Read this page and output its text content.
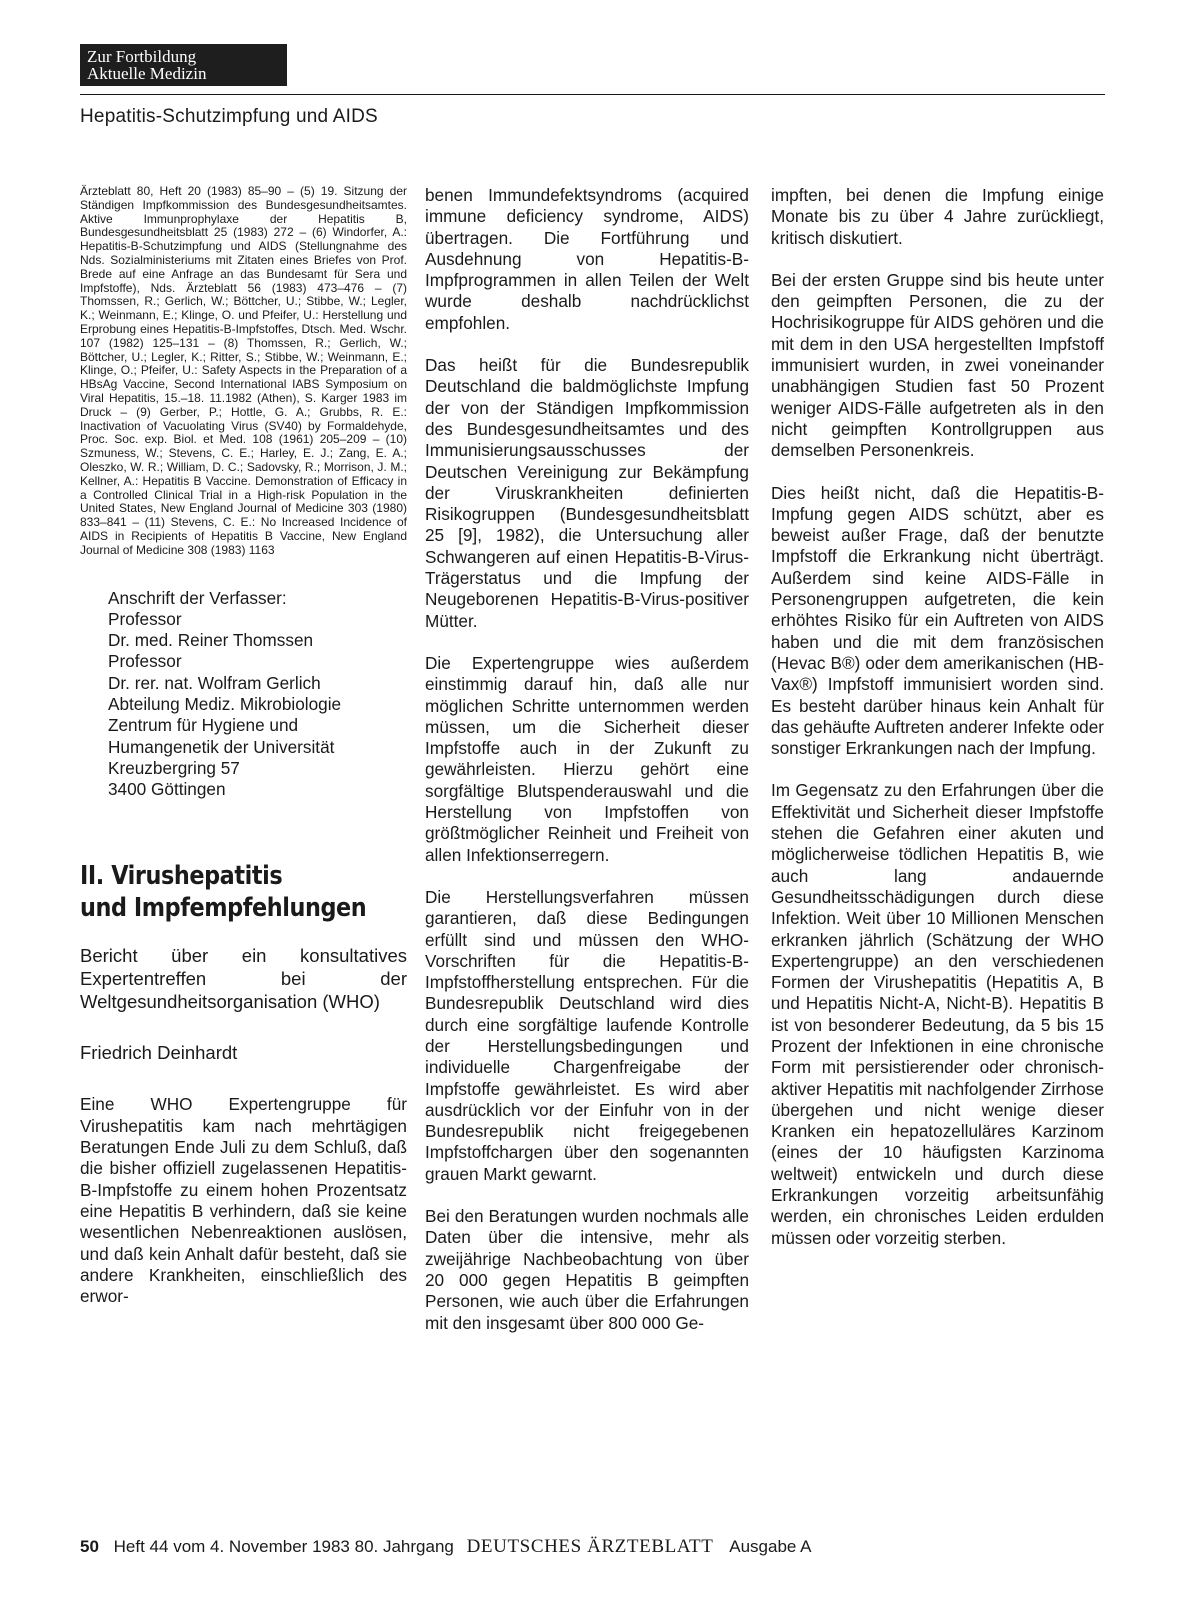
Zur Fortbildung
Aktuelle Medizin
Hepatitis-Schutzimpfung und AIDS

Ärzteblatt 80, Heft 20 (1983) 85–90 – (5) 19. Sitzung der Ständigen Impfkommission des Bundesgesundheitsamtes. Aktive Immunprophylaxe der Hepatitis B, Bundesgesundheitsblatt 25 (1983) 272 – (6) Windorfer, A.: Hepatitis-B-Schutzimpfung und AIDS (Stellungnahme des Nds. Sozialministeriums mit Zitaten eines Briefes von Prof. Brede auf eine Anfrage an das Bundesamt für Sera und Impfstoffe), Nds. Ärzteblatt 56 (1983) 473–476 – (7) Thomssen, R.; Gerlich, W.; Böttcher, U.; Stibbe, W.; Legler, K.; Weinmann, E.; Klinge, O. und Pfeifer, U.: Herstellung und Erprobung eines Hepatitis-B-Impfstoffes, Dtsch. Med. Wschr. 107 (1982) 125–131 – (8) Thomssen, R.; Gerlich, W.; Böttcher, U.; Legler, K.; Ritter, S.; Stibbe, W.; Weinmann, E.; Klinge, O.; Pfeifer, U.: Safety Aspects in the Preparation of a HBsAg Vaccine, Second International IABS Symposium on Viral Hepatitis, 15.–18. 11.1982 (Athen), S. Karger 1983 im Druck – (9) Gerber, P.; Hottle, G. A.; Grubbs, R. E.: Inactivation of Vacuolating Virus (SV40) by Formaldehyde, Proc. Soc. exp. Biol. et Med. 108 (1961) 205–209 – (10) Szmuness, W.; Stevens, C. E.; Harley, E. J.; Zang, E. A.; Oleszko, W. R.; William, D. C.; Sadovsky, R.; Morrison, J. M.; Kellner, A.: Hepatitis B Vaccine. Demonstration of Efficacy in a Controlled Clinical Trial in a High-risk Population in the United States, New England Journal of Medicine 303 (1980) 833–841 – (11) Stevens, C. E.: No Increased Incidence of AIDS in Recipients of Hepatitis B Vaccine, New England Journal of Medicine 308 (1983) 1163

Anschrift der Verfasser:
Professor
Dr. med. Reiner Thomssen
Professor
Dr. rer. nat. Wolfram Gerlich
Abteilung Mediz. Mikrobiologie
Zentrum für Hygiene und
Humangenetik der Universität
Kreuzbergring 57
3400 Göttingen
II. Virushepatitis
und Impfempfehlungen

Bericht über ein konsultatives Expertentreffen bei der Weltgesundheitsorganisation (WHO)

Friedrich Deinhardt

Eine WHO Expertengruppe für Virushepatitis kam nach mehrtägigen Beratungen Ende Juli zu dem Schluß, daß die bisher offiziell zugelassenen Hepatitis-B-Impfstoffe zu einem hohen Prozentsatz eine Hepatitis B verhindern, daß sie keine wesentlichen Nebenreaktionen auslösen, und daß kein Anhalt dafür besteht, daß sie andere Krankheiten, einschließlich des erwor-

benen Immundefektsyndroms (acquired immune deficiency syndrome, AIDS) übertragen. Die Fortführung und Ausdehnung von Hepatitis-B-Impfprogrammen in allen Teilen der Welt wurde deshalb nachdrücklichst empfohlen.

Das heißt für die Bundesrepublik Deutschland die baldmöglichste Impfung der von der Ständigen Impfkommission des Bundesgesundheitsamtes und des Immunisierungsausschusses der Deutschen Vereinigung zur Bekämpfung der Viruskrankheiten definierten Risikogruppen (Bundesgesundheitsblatt 25 [9], 1982), die Untersuchung aller Schwangeren auf einen Hepatitis-B-Virus-Trägerstatus und die Impfung der Neugeborenen Hepatitis-B-Virus-positiver Mütter.

Die Expertengruppe wies außerdem einstimmig darauf hin, daß alle nur möglichen Schritte unternommen werden müssen, um die Sicherheit dieser Impfstoffe auch in der Zukunft zu gewährleisten. Hierzu gehört eine sorgfältige Blutspenderauswahl und die Herstellung von Impfstoffen von größtmöglicher Reinheit und Freiheit von allen Infektionserregern.

Die Herstellungsverfahren müssen garantieren, daß diese Bedingungen erfüllt sind und müssen den WHO-Vorschriften für die Hepatitis-B-Impfstoffherstellung entsprechen. Für die Bundesrepublik Deutschland wird dies durch eine sorgfältige laufende Kontrolle der Herstellungsbedingungen und individuelle Chargenfreigabe der Impfstoffe gewährleistet. Es wird aber ausdrücklich vor der Einfuhr von in der Bundesrepublik nicht freigegebenen Impfstoffchargen über den sogenannten grauen Markt gewarnt.

Bei den Beratungen wurden nochmals alle Daten über die intensive, mehr als zweijährige Nachbeobachtung von über 20 000 gegen Hepatitis B geimpften Personen, wie auch über die Erfahrungen mit den insgesamt über 800 000 Ge-

impften, bei denen die Impfung einige Monate bis zu über 4 Jahre zurückliegt, kritisch diskutiert.

Bei der ersten Gruppe sind bis heute unter den geimpften Personen, die zu der Hochrisikogruppe für AIDS gehören und die mit dem in den USA hergestellten Impfstoff immunisiert wurden, in zwei voneinander unabhängigen Studien fast 50 Prozent weniger AIDS-Fälle aufgetreten als in den nicht geimpften Kontrollgruppen aus demselben Personenkreis.

Dies heißt nicht, daß die Hepatitis-B-Impfung gegen AIDS schützt, aber es beweist außer Frage, daß der benutzte Impfstoff die Erkrankung nicht überträgt. Außerdem sind keine AIDS-Fälle in Personengruppen aufgetreten, die kein erhöhtes Risiko für ein Auftreten von AIDS haben und die mit dem französischen (Hevac B®) oder dem amerikanischen (HB-Vax®) Impfstoff immunisiert worden sind. Es besteht darüber hinaus kein Anhalt für das gehäufte Auftreten anderer Infekte oder sonstiger Erkrankungen nach der Impfung.

Im Gegensatz zu den Erfahrungen über die Effektivität und Sicherheit dieser Impfstoffe stehen die Gefahren einer akuten und möglicherweise tödlichen Hepatitis B, wie auch lang andauernde Gesundheitsschädigungen durch diese Infektion. Weit über 10 Millionen Menschen erkranken jährlich (Schätzung der WHO Expertengruppe) an den verschiedenen Formen der Virushepatitis (Hepatitis A, B und Hepatitis Nicht-A, Nicht-B). Hepatitis B ist von besonderer Bedeutung, da 5 bis 15 Prozent der Infektionen in eine chronische Form mit persistierender oder chronisch-aktiver Hepatitis mit nachfolgender Zirrhose übergehen und nicht wenige dieser Kranken ein hepatozelluläres Karzinom (eines der 10 häufigsten Karzinoma weltweit) entwickeln und durch diese Erkrankungen vorzeitig arbeitsunfähig werden, ein chronisches Leiden erdulden müssen oder vorzeitig sterben.

50 Heft 44 vom 4. November 1983 80. Jahrgang DEUTSCHES ÄRZTEBLATT Ausgabe A
